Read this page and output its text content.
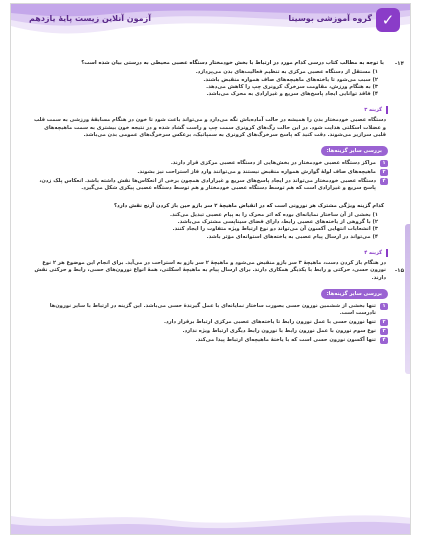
✓
گروه آموزشی بوسینا
آزمون آنلاین زیست پایهٔ یازدهم
-۱۴
-۱۵
با توجه به مطالب کتاب درسی کدام مورد در ارتباط با بخش خودمختار دستگاه عصبی محیطی به درستی بیان شده است؟
۱) مستقل از دستگاه عصبی مرکزی به تنظیم فعالیت‌های بدن می‌پردازد.
۲) سبب می‌شود تا یاخته‌های ماهیچه‌های صاف همواره منقبض باشند.
۳) به هنگام ورزش، مقاومت سرخرگ کرونری چپ را کاهش می‌دهد.
۴) فاقد توانایی ایجاد پاسخ‌های سریع و غیرارادی به محرک می‌باشد.
گزینه ۳
دستگاه عصبی خودمختار بدن را همیشه در حالت آماده‌باش نگه می‌دارد و می‌تواند باعث شود تا خون در هنگام مسابقهٔ ورزشی به سمت قلب و عضلات اسکلتی هدایت شود. در این حالت رگ‌های کرونری سمت چپ و راست گشاد شده و در نتیجه خون بیشتری به سمت ماهیچه‌های قلبی سرازیر می‌شوند. دقت کنید که پاسخ سرخرگ‌های کرونری به سمپاتیک، برعکس سرخرگ‌های عمومی بدن می‌باشد.
بررسی سایر گزینه‌ها:
۱
مراکز دستگاه عصبی خودمختار در بخش‌هایی از دستگاه عصبی مرکزی قرار دارند.
۲
ماهیچه‌های صاف لولهٔ گوارش همواره منقبض نیستند و می‌توانند وارد فاز استراحت نیز بشوند.
۴
دستگاه عصبی خودمختار می‌تواند در ایجاد پاسخ‌های سریع و غیرارادی همچون برخی از انعکاس‌ها نقش داشته باشد. انعکاس پلک زدن، پاسخ سریع و غیرارادی است که هم توسط دستگاه عصبی خودمختار و هم توسط دستگاه عصبی پیکری شکل می‌گیرد.
کدام گزینه ویژگی مشترک هر نورونی است که در انقباض ماهیچهٔ ۲ سر بازو حین باز کردن آرنج نقش دارد؟
۱) بخشی از آن ساختار نمایانه‌ای بوده که اثر محرک را به پیام عصبی تبدیل می‌کند.
۲) با گروهی از یاخته‌های عصبی رابط، دارای فضای سیناپسی مشترک می‌باشد.
۳) انشعابات انتهایی آکسون آن می‌تواند دو نوع ارتباط ویژه متفاوت را ایجاد کنند.
۴) می‌تواند در ارسال پیام عصبی به یاخته‌های استوانه‌ای مؤثر باشد.
گزینه ۴
در هنگام باز کردن دست، ماهیچهٔ ۳ سر بازو منقبض می‌شود و ماهیچهٔ ۲ سر بازو به استراحت در می‌آید. برای انجام این موضوع هر ۲ نوع نورون حسی، حرکتی و رابط با یکدیگر همکاری دارند. برای ارسال پیام به ماهیچهٔ اسکلتی، همهٔ انواع نورون‌های حسی، رابط و حرکتی نقش دارند.
بررسی سایر گزینه‌ها:
۱
تنها بخشی از ششمین نورون حسی بصورت ساختار نمایانه‌ای با عمل گیرندهٔ حسی می‌باشد. این گزینه در ارتباط با سایر نورون‌ها نادرست است.
۲
تنها نورون حسی با عمل نورون رابط تا یاخته‌های عصبی مرکزی ارتباط برقرار دارد.
۳
نوع سوم نورون با عمل نورون رابط با نورون رابط دیگری ارتباط ویژه ندارد.
۴
تنها آکسون نورون حسی است که با یاختهٔ ماهیچه‌ای ارتباط پیدا می‌کند.
